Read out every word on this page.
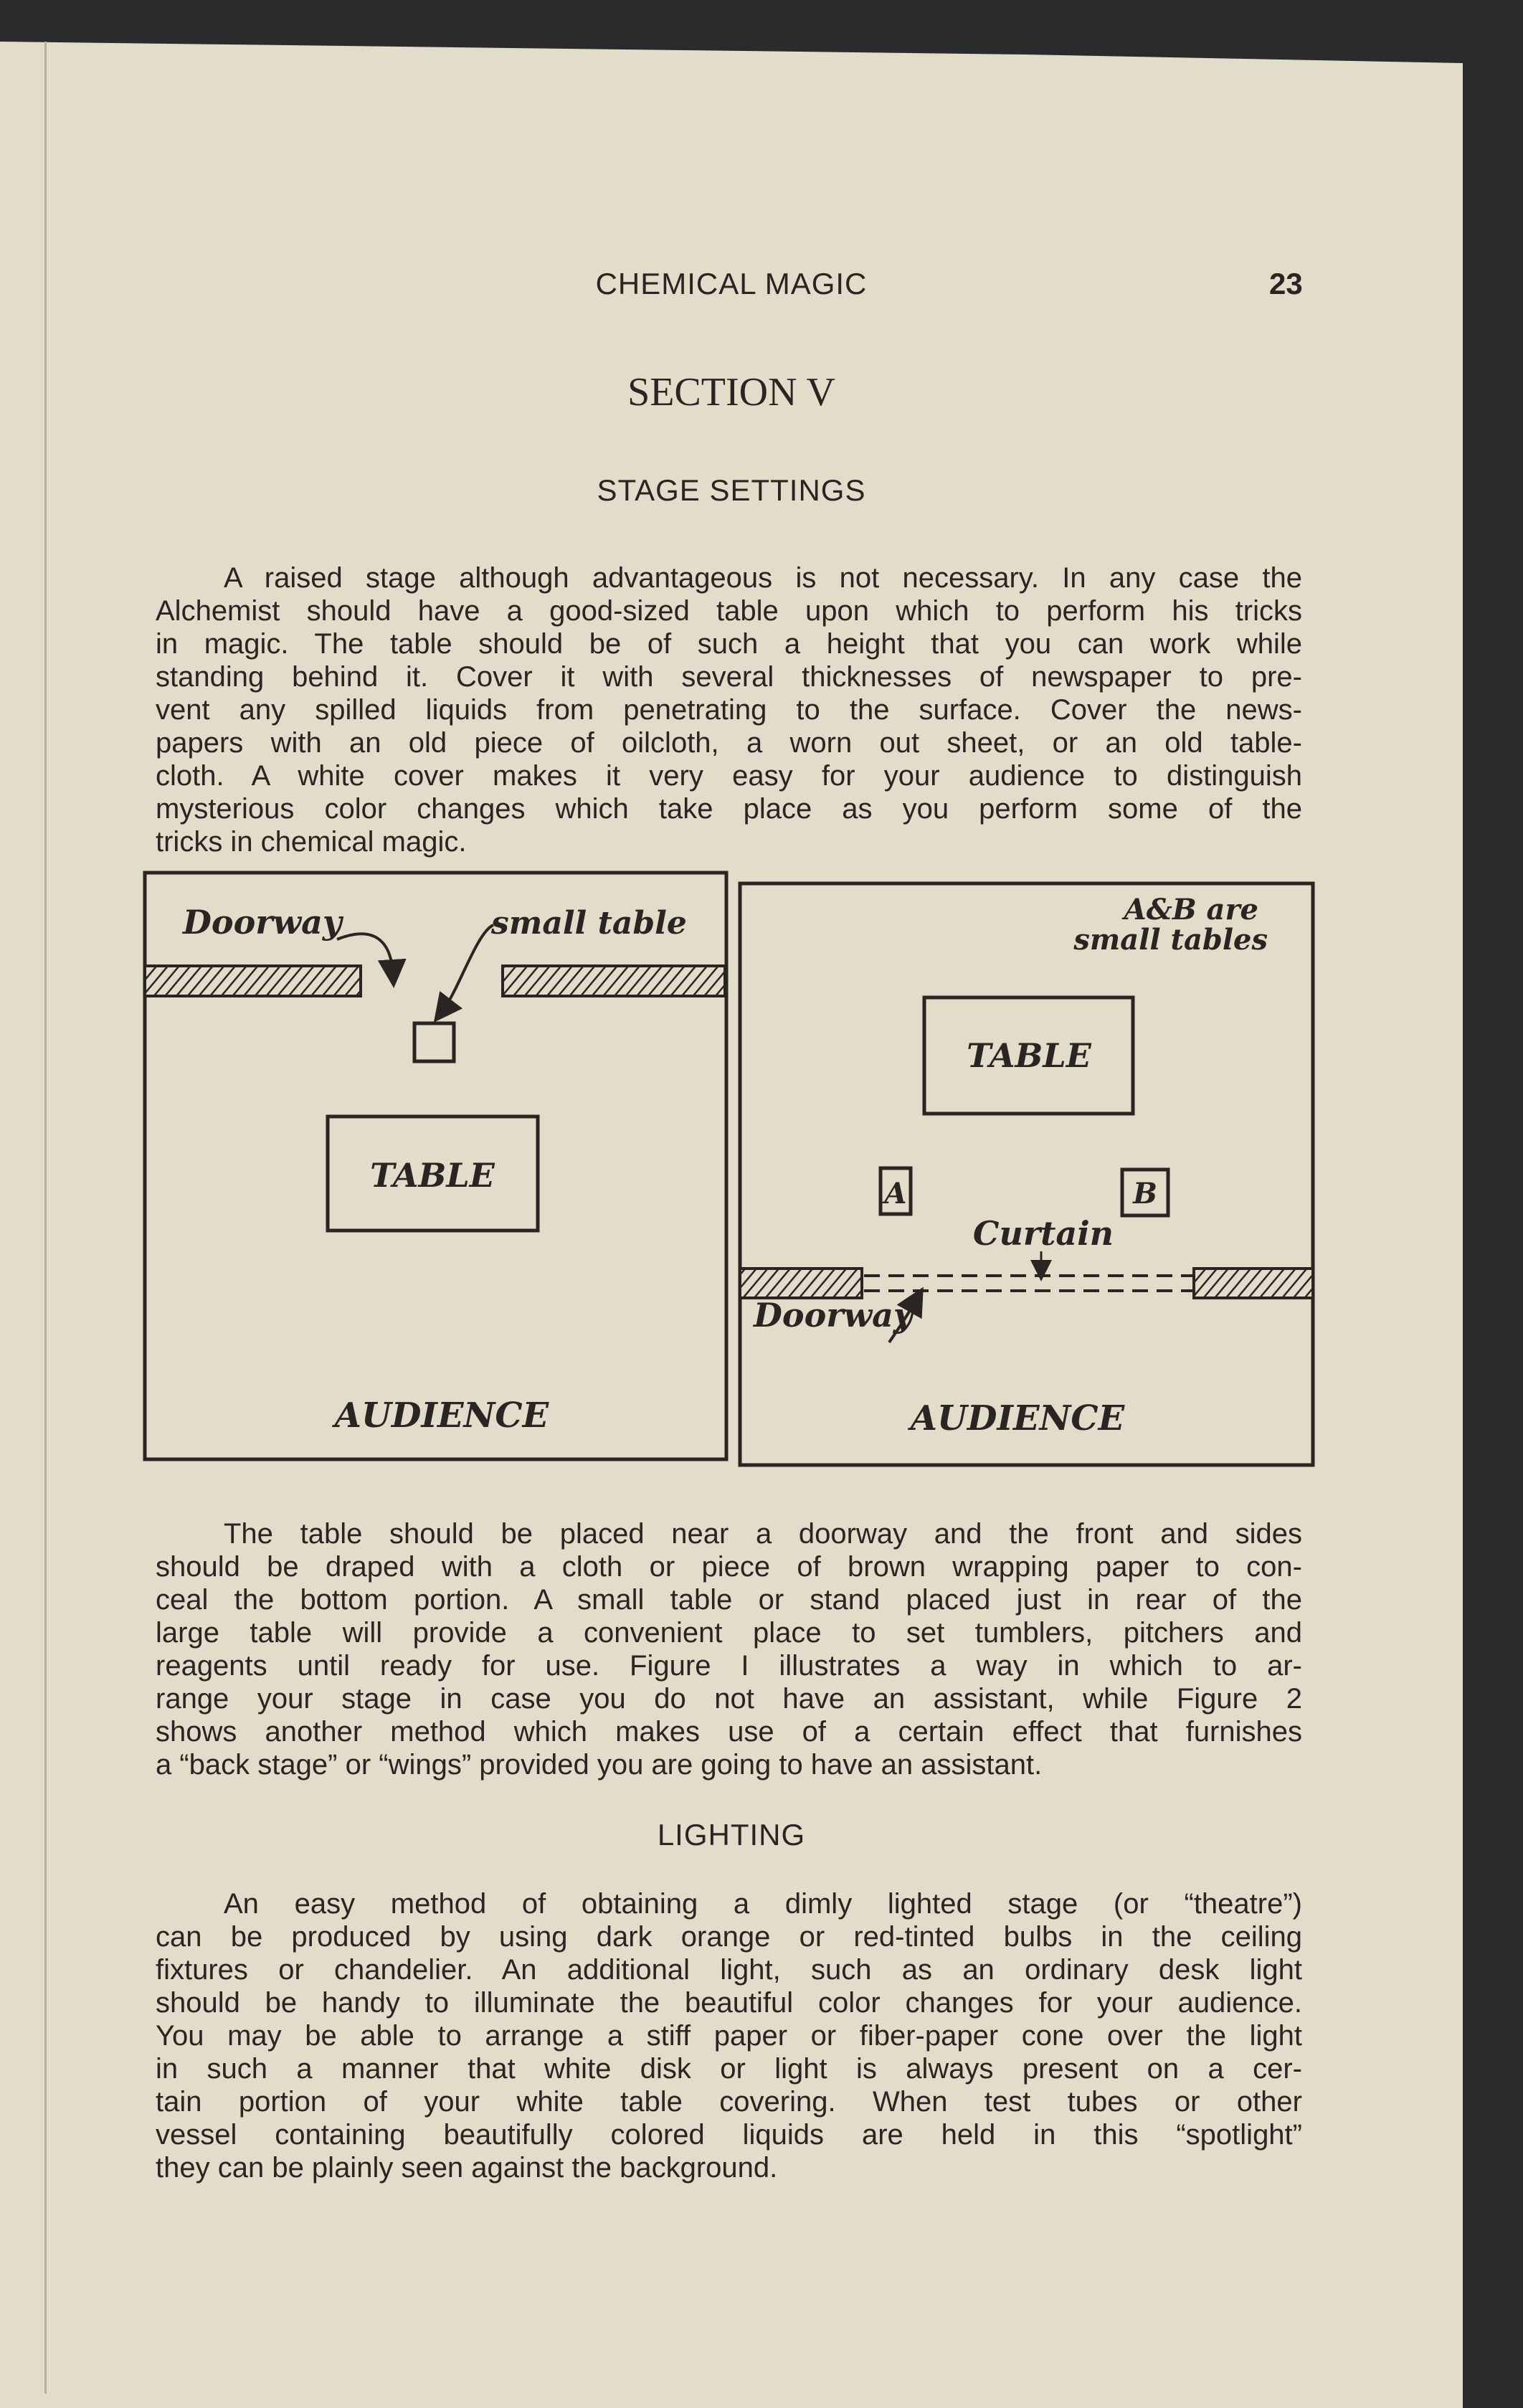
CHEMICAL MAGIC	23
SECTION V
STAGE SETTINGS
A raised stage although advantageous is not necessary. In any case the
Alchemist should have a good-sized table upon which to perform his tricks
in magic. The table should be of such a height that you can work while
standing behind it. Cover it with several thicknesses of newspaper to pre-
vent any spilled liquids from penetrating to the surface. Cover the news-
papers with an old piece of oilcloth, a worn out sheet, or an old table-
cloth. A white cover makes it very easy for your audience to distinguish
mysterious color changes which take place as you perform some of the
tricks in chemical magic.
Doorway	small table
TABLE
AUDIENCE
A&B are
small tables
TABLE
A	B
Curtain
Doorway
AUDIENCE
The table should be placed near a doorway and the front and sides
should be draped with a cloth or piece of brown wrapping paper to con-
ceal the bottom portion. A small table or stand placed just in rear of the
large table will provide a convenient place to set tumblers, pitchers and
reagents until ready for use. Figure I illustrates a way in which to ar-
range your stage in case you do not have an assistant, while Figure 2
shows another method which makes use of a certain effect that furnishes
a “back stage” or “wings” provided you are going to have an assistant.
LIGHTING
An easy method of obtaining a dimly lighted stage (or “theatre”)
can be produced by using dark orange or red-tinted bulbs in the ceiling
fixtures or chandelier. An additional light, such as an ordinary desk light
should be handy to illuminate the beautiful color changes for your audience.
You may be able to arrange a stiff paper or fiber-paper cone over the light
in such a manner that white disk or light is always present on a cer-
tain portion of your white table covering. When test tubes or other
vessel containing beautifully colored liquids are held in this “spotlight”
they can be plainly seen against the background.
